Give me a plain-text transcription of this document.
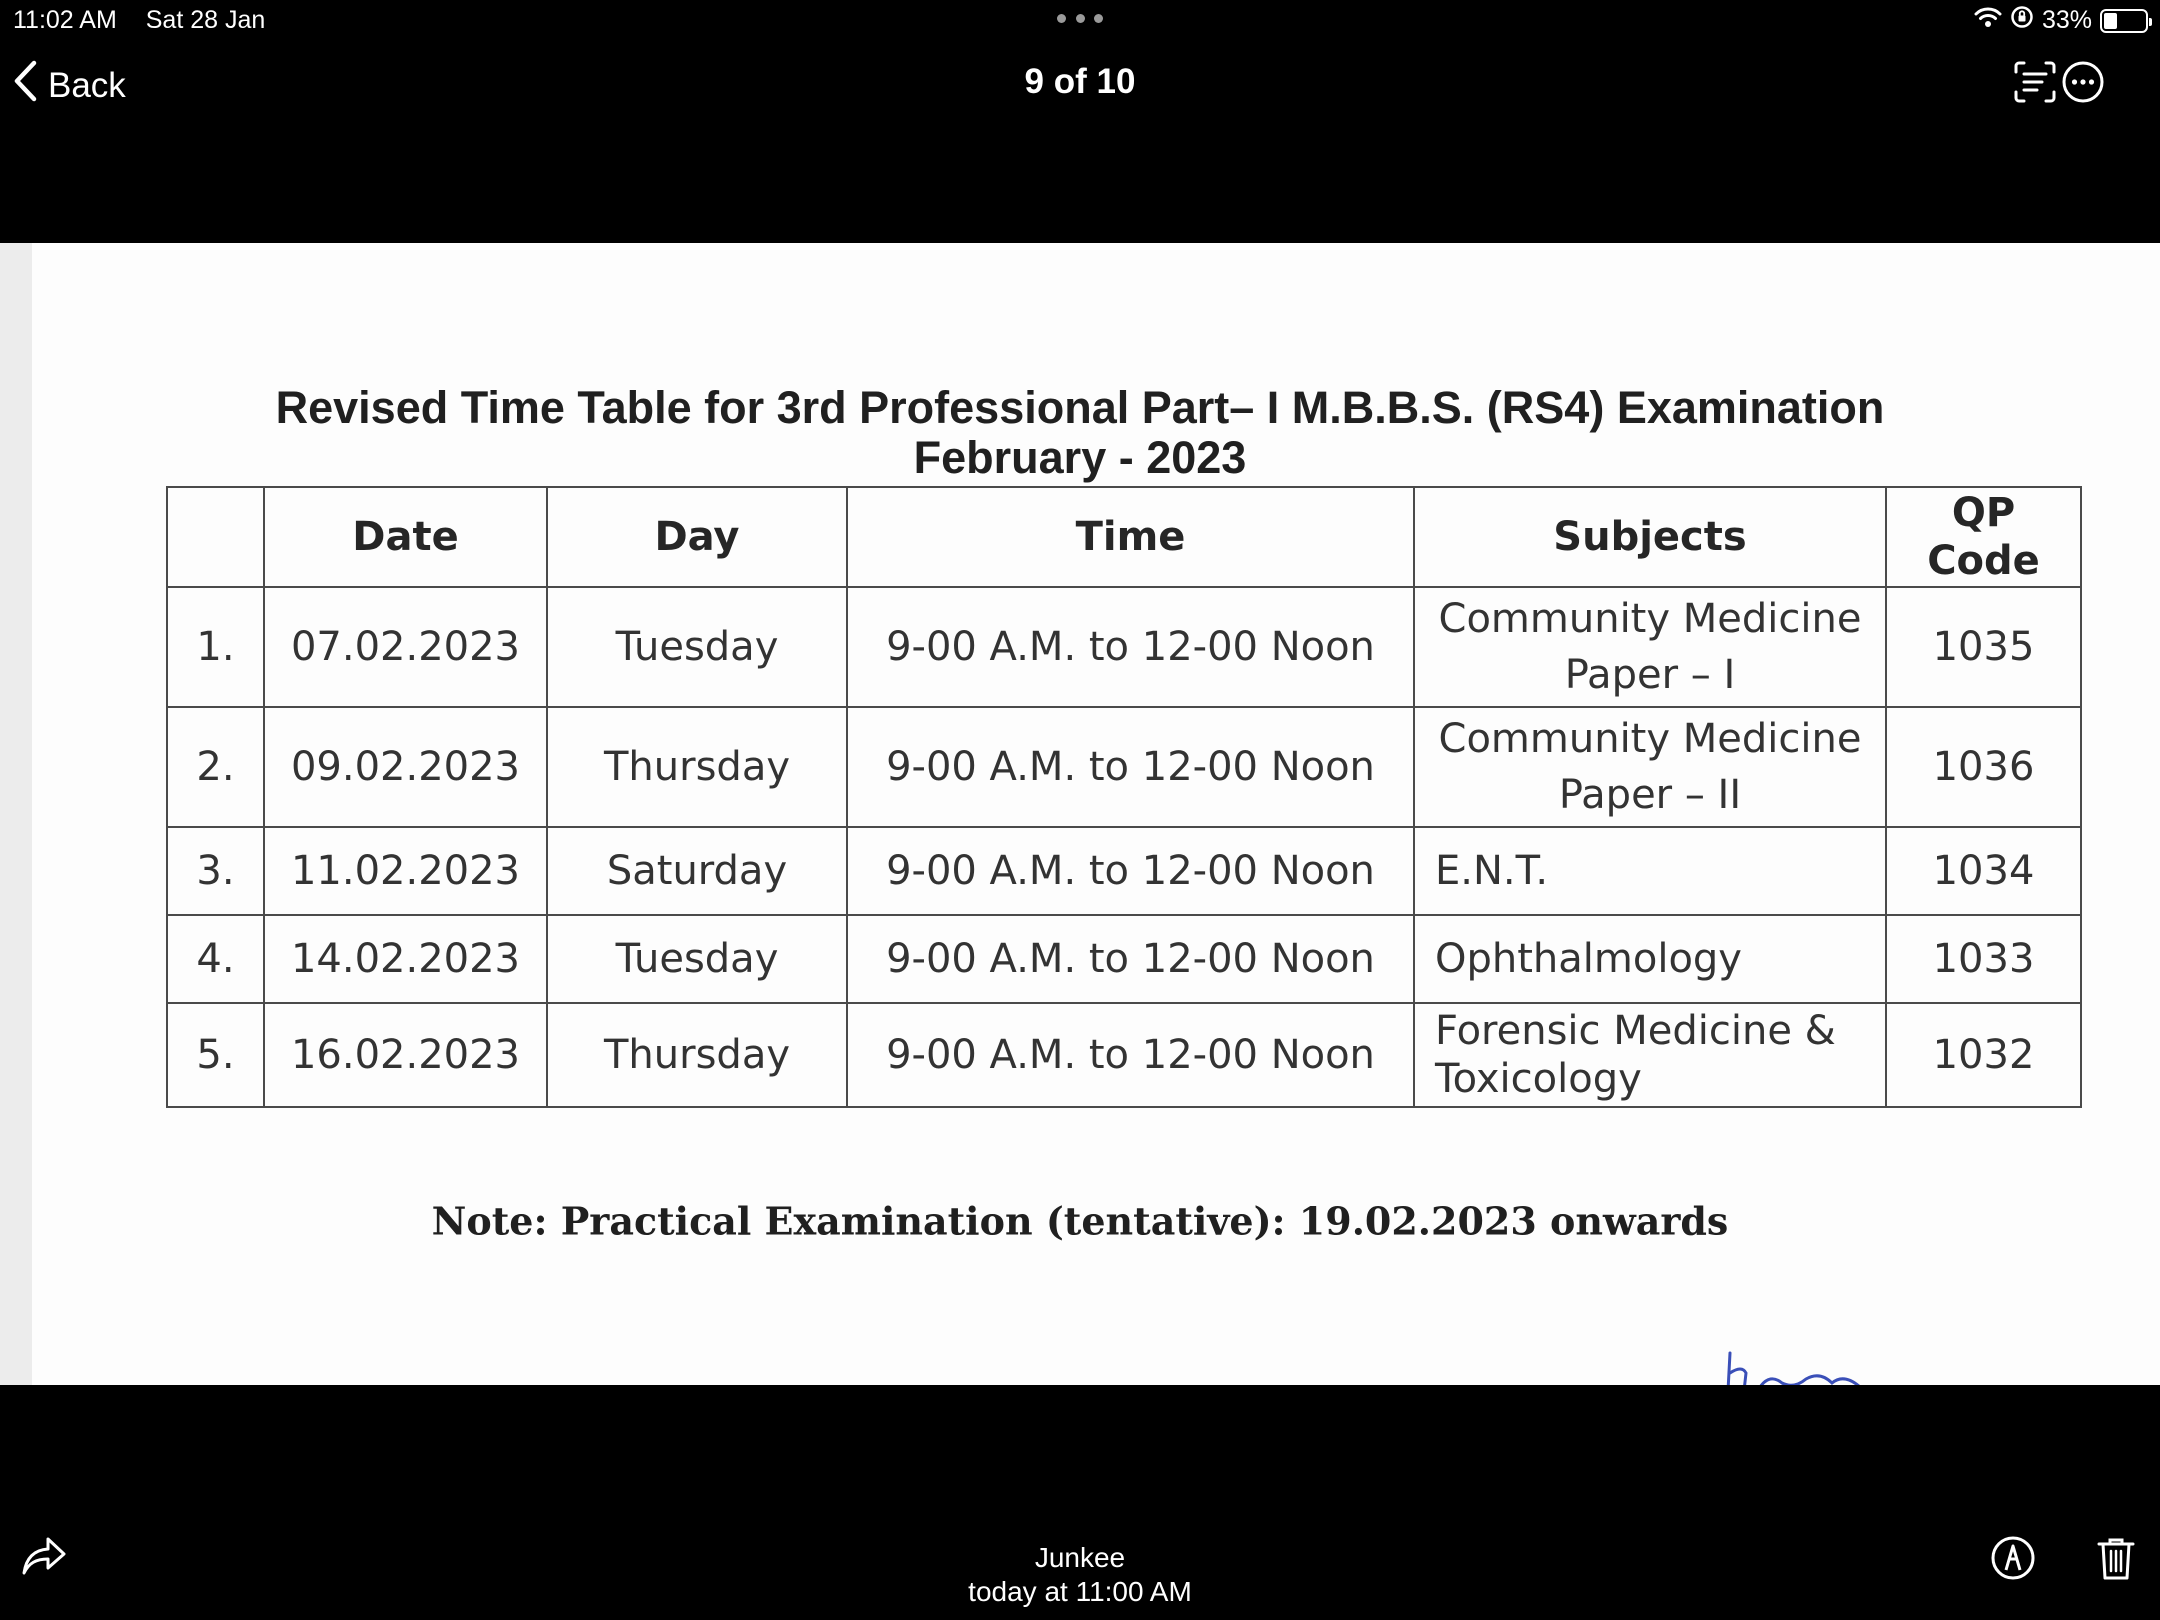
11:02 AM Sat 28 Jan	33%
Back	9 of 10
Revised Time Table for 3rd Professional Part– I M.B.B.S. (RS4) Examination
February - 2023
	Date	Day	Time	Subjects	QP Code
1.	07.02.2023	Tuesday	9-00 A.M. to 12-00 Noon	Community Medicine
Paper – I	1035
2.	09.02.2023	Thursday	9-00 A.M. to 12-00 Noon	Community Medicine
Paper – II	1036
3.	11.02.2023	Saturday	9-00 A.M. to 12-00 Noon	E.N.T.	1034
4.	14.02.2023	Tuesday	9-00 A.M. to 12-00 Noon	Ophthalmology	1033
5.	16.02.2023	Thursday	9-00 A.M. to 12-00 Noon	Forensic Medicine &
Toxicology	1032
Note: Practical Examination (tentative): 19.02.2023 onwards
Junkee
today at 11:00 AM
